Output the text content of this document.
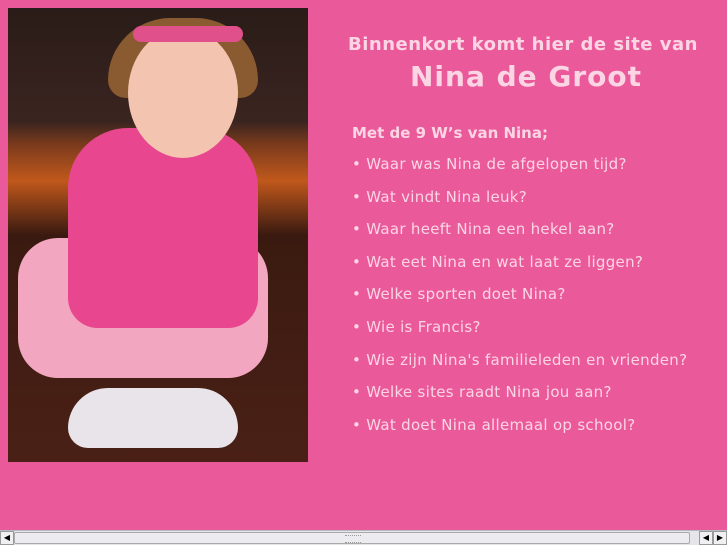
Binnenkort komt hier de site van
Nina de Groot
Met de 9 W’s van Nina;
• Waar was Nina de afgelopen tijd?
• Wat vindt Nina leuk?
• Waar heeft Nina een hekel aan?
• Wat eet Nina en wat laat ze liggen?
• Welke sporten doet Nina?
• Wie is Francis?
• Wie zijn Nina's familieleden en vrienden?
• Welke sites raadt Nina jou aan?
• Wat doet Nina allemaal op school?
◀	◀ ▶
